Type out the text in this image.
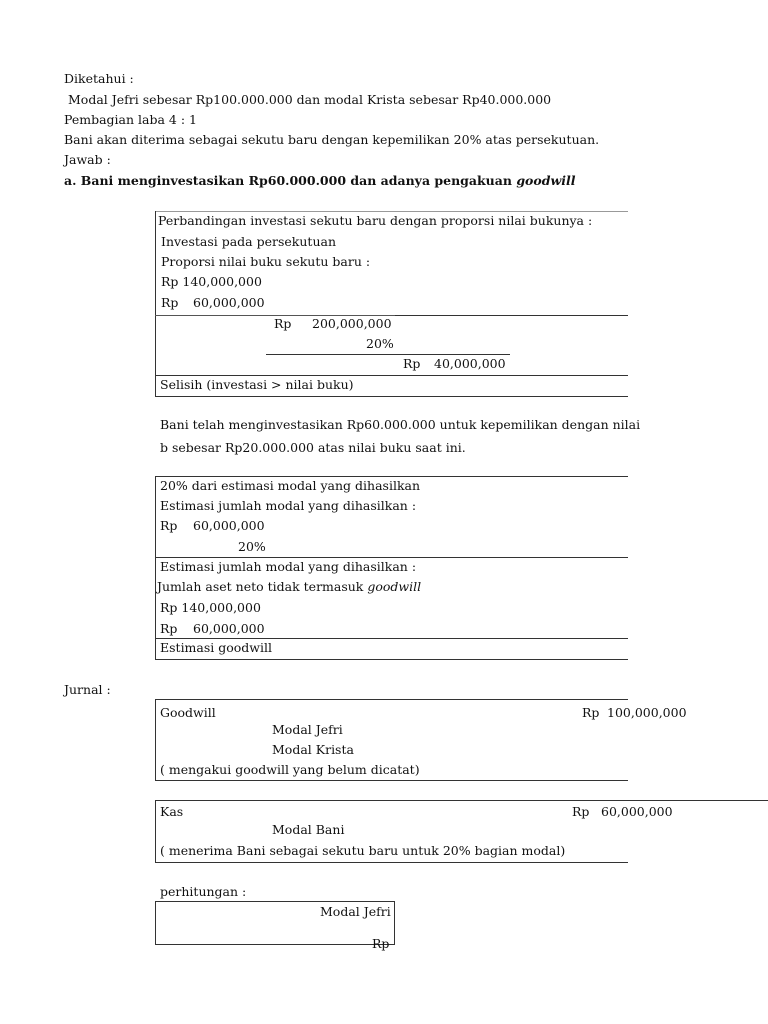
Diketahui :
Modal Jefri sebesar Rp100.000.000 dan modal Krista sebesar Rp40.000.000
Pembagian laba 4 : 1
Bani akan diterima sebagai sekutu baru dengan kepemilikan 20% atas persekutuan.
Jawab :
a. Bani menginvestasikan Rp60.000.000 dan adanya pengakuan goodwill
Perbandingan investasi sekutu baru dengan proporsi nilai bukunya :
Investasi pada persekutuan
Proporsi nilai buku sekutu baru :
Rp 140,000,000
Rp 60,000,000
Rp 200,000,000
20%
Rp 40,000,000
Selisih (investasi > nilai buku)
Bani telah menginvestasikan Rp60.000.000 untuk kepemilikan dengan nilai
b sebesar Rp20.000.000 atas nilai buku saat ini.
20% dari estimasi modal yang dihasilkan
Estimasi jumlah modal yang dihasilkan :
Rp 60,000,000
20%
Estimasi jumlah modal yang dihasilkan :
Jumlah aset neto tidak termasuk goodwill
Rp 140,000,000
Rp 60,000,000
Estimasi goodwill
Jurnal :
Goodwill	Rp 100,000,000
Modal Jefri
Modal Krista
( mengakui goodwill yang belum dicatat)
Kas	Rp 60,000,000
Modal Bani
( menerima Bani sebagai sekutu baru untuk 20% bagian modal)
perhitungan :
Modal Jefri
Rp
